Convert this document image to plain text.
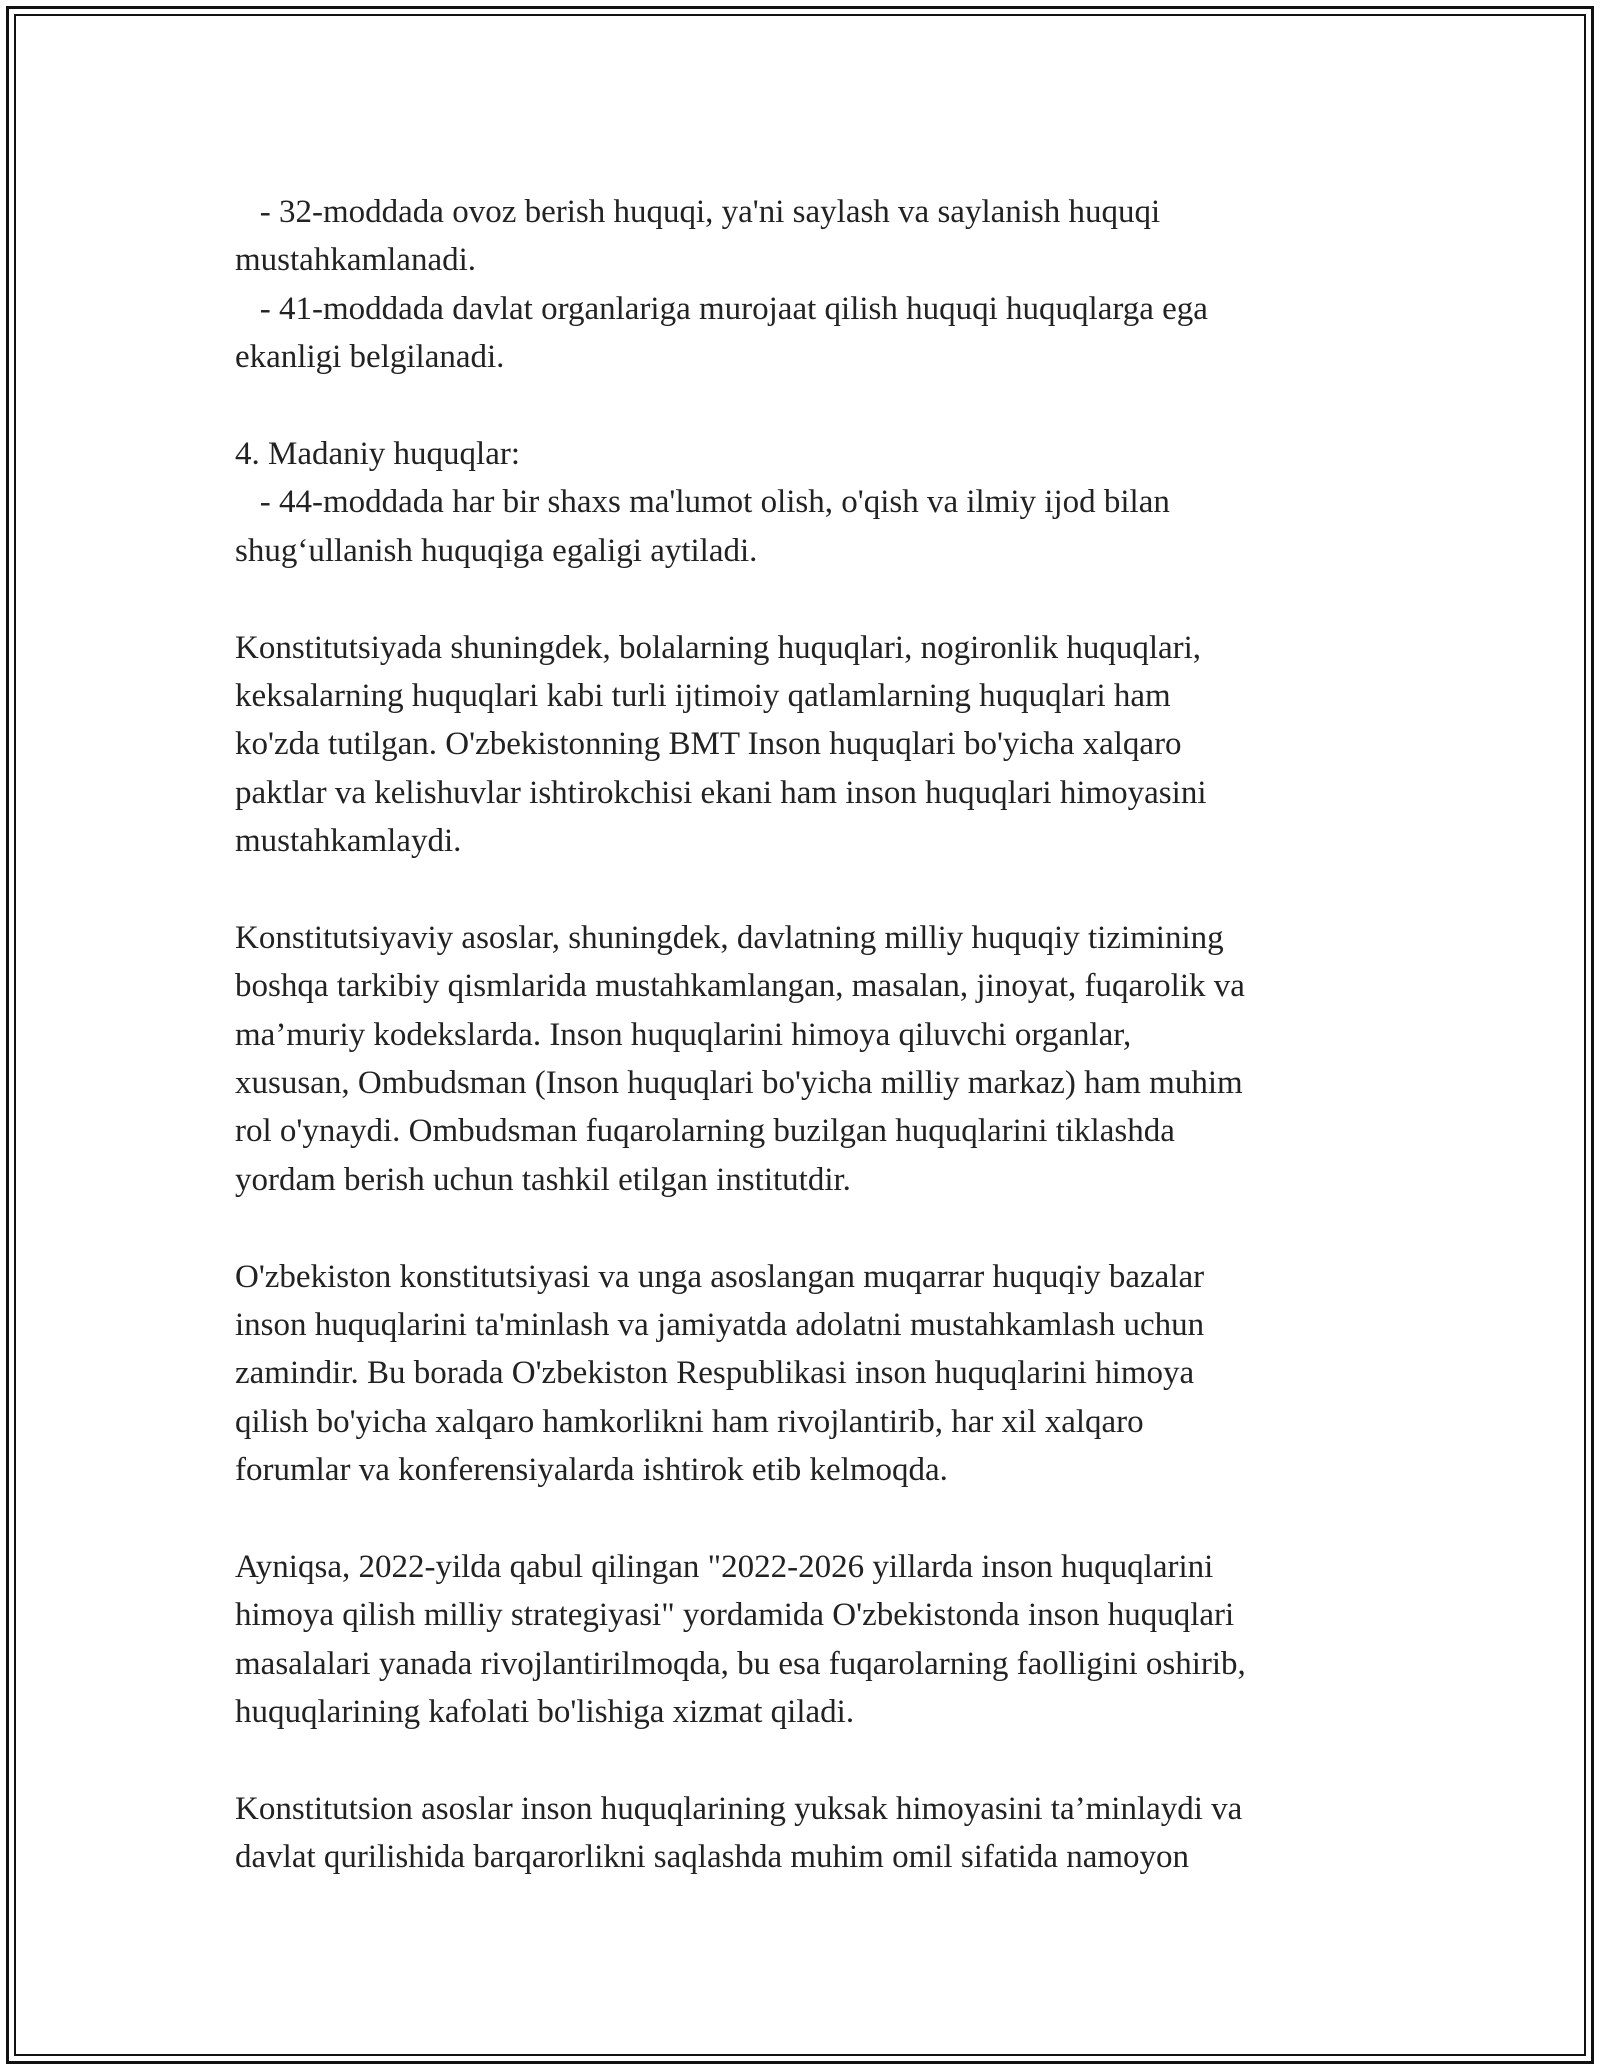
- 32-moddada ovoz berish huquqi, ya'ni saylash va saylanish huquqi
mustahkamlanadi.
- 41-moddada davlat organlariga murojaat qilish huquqi huquqlarga ega
ekanligi belgilanadi.
4. Madaniy huquqlar:
- 44-moddada har bir shaxs ma'lumot olish, o'qish va ilmiy ijod bilan
shug‘ullanish huquqiga egaligi aytiladi.
Konstitutsiyada shuningdek, bolalarning huquqlari, nogironlik huquqlari,
keksalarning huquqlari kabi turli ijtimoiy qatlamlarning huquqlari ham
ko'zda tutilgan. O'zbekistonning BMT Inson huquqlari bo'yicha xalqaro
paktlar va kelishuvlar ishtirokchisi ekani ham inson huquqlari himoyasini
mustahkamlaydi.
Konstitutsiyaviy asoslar, shuningdek, davlatning milliy huquqiy tizimining
boshqa tarkibiy qismlarida mustahkamlangan, masalan, jinoyat, fuqarolik va
ma’muriy kodekslarda. Inson huquqlarini himoya qiluvchi organlar,
xususan, Ombudsman (Inson huquqlari bo'yicha milliy markaz) ham muhim
rol o'ynaydi. Ombudsman fuqarolarning buzilgan huquqlarini tiklashda
yordam berish uchun tashkil etilgan institutdir.
O'zbekiston konstitutsiyasi va unga asoslangan muqarrar huquqiy bazalar
inson huquqlarini ta'minlash va jamiyatda adolatni mustahkamlash uchun
zamindir. Bu borada O'zbekiston Respublikasi inson huquqlarini himoya
qilish bo'yicha xalqaro hamkorlikni ham rivojlantirib, har xil xalqaro
forumlar va konferensiyalarda ishtirok etib kelmoqda.
Ayniqsa, 2022-yilda qabul qilingan "2022-2026 yillarda inson huquqlarini
himoya qilish milliy strategiyasi" yordamida O'zbekistonda inson huquqlari
masalalari yanada rivojlantirilmoqda, bu esa fuqarolarning faolligini oshirib,
huquqlarining kafolati bo'lishiga xizmat qiladi.
Konstitutsion asoslar inson huquqlarining yuksak himoyasini ta’minlaydi va
davlat qurilishida barqarorlikni saqlashda muhim omil sifatida namoyon
